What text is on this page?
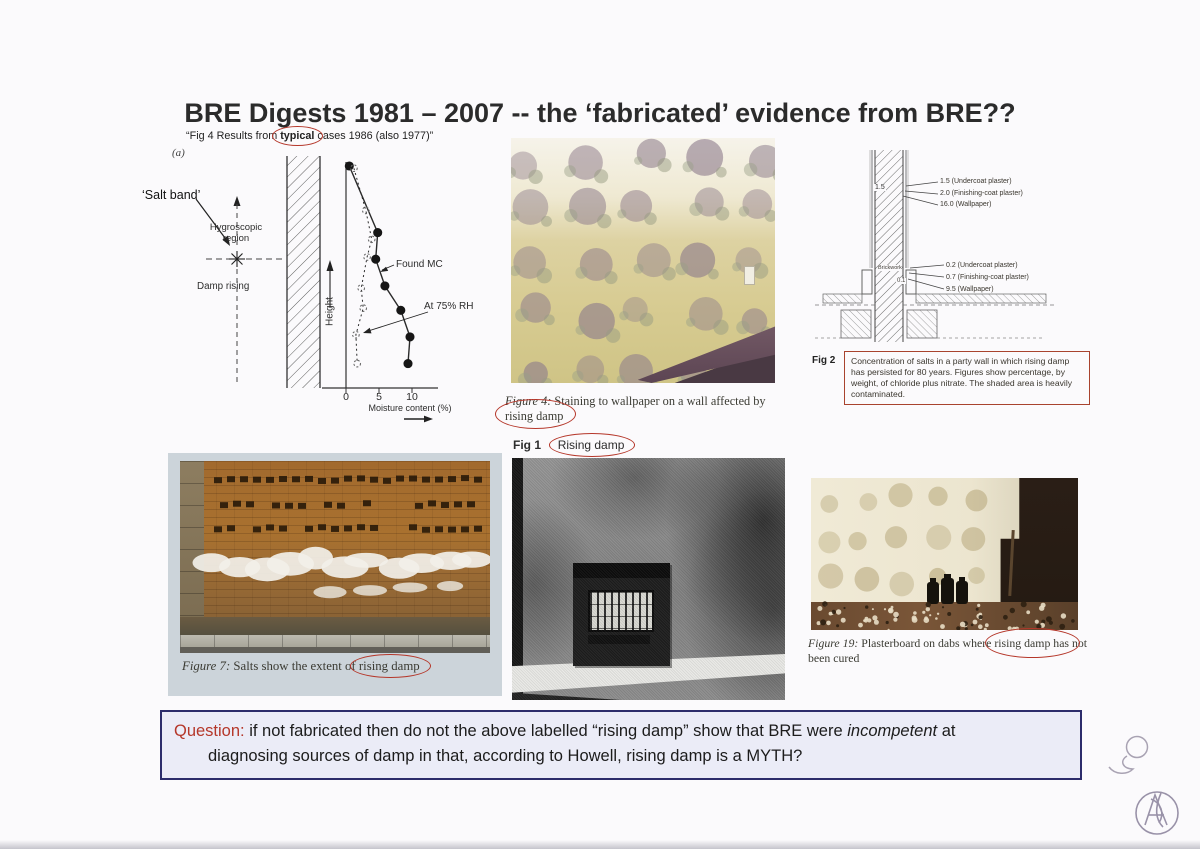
BRE Digests 1981 – 2007 -- the ‘fabricated’ evidence from BRE??
“Fig 4 Results from typical cases 1986 (also 1977)”
(a)
‘Salt band’
Hygroscopic region
Damp rising
Height
Found MC
At 75% RH
0	5	10
Moisture content (%)	Figure 4: Staining to wallpaper on a wall affected by
rising damp
Fig 1 Rising damp
1.5
1.5 (Undercoat plaster)
2.0 (Finishing-coat plaster)
16.0 (Wallpaper)
0.2 (Undercoat plaster)
0.7 (Finishing-coat plaster)
9.5 (Wallpaper)
Brickwork
0.1
Fig 2	Concentration of salts in a party wall in which rising damp has persisted for 80 years. Figures show percentage, by weight, of chloride plus nitrate. The shaded area is heavily contaminated.
Figure 7: Salts show the extent of rising damp
Figure 19: Plasterboard on dabs where rising damp has not been cured
Question: if not fabricated then do not the above labelled “rising damp” show that BRE were incompetent at
diagnosing sources of damp in that, according to Howell, rising damp is a MYTH?
